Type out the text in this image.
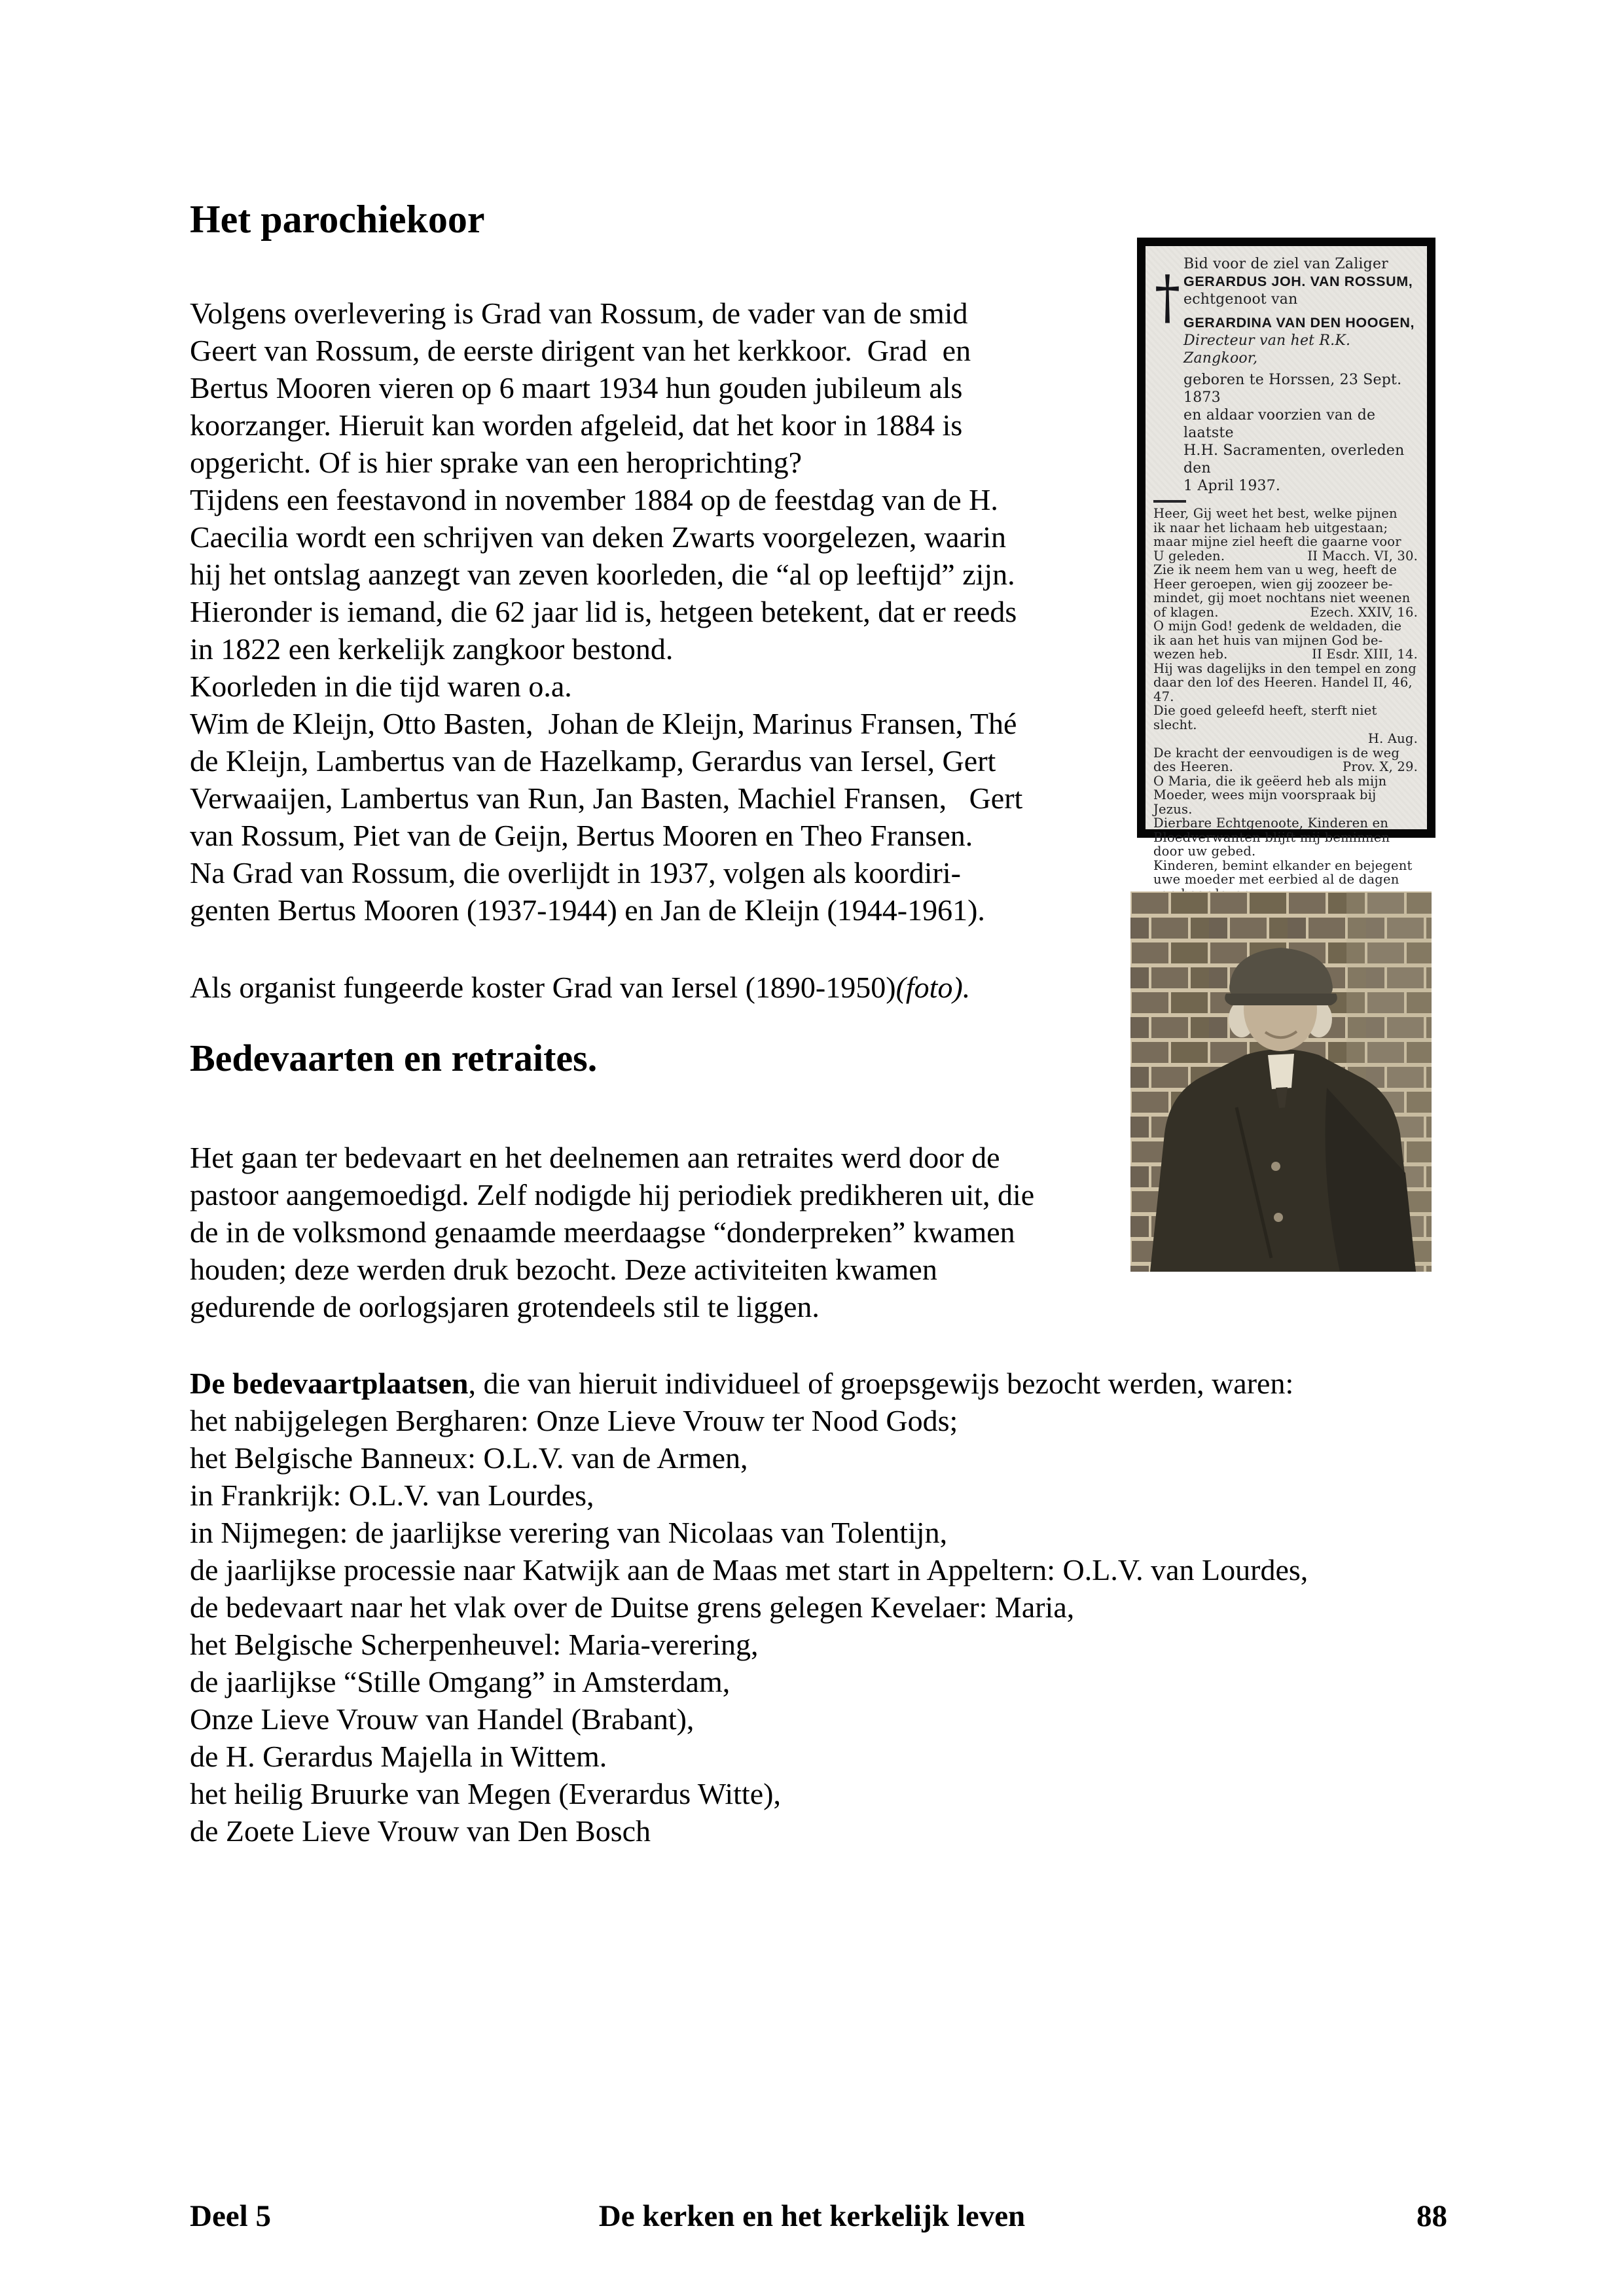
Het parochiekoor
Volgens overlevering is Grad van Rossum, de vader van de smid
Geert van Rossum, de eerste dirigent van het kerkkoor.  Grad  en
Bertus Mooren vieren op 6 maart 1934 hun gouden jubileum als
koorzanger. Hieruit kan worden afgeleid, dat het koor in 1884 is
opgericht. Of is hier sprake van een heroprichting?
Tijdens een feestavond in november 1884 op de feestdag van de H.
Caecilia wordt een schrijven van deken Zwarts voorgelezen, waarin
hij het ontslag aanzegt van zeven koorleden, die “al op leeftijd” zijn.
Hieronder is iemand, die 62 jaar lid is, hetgeen betekent, dat er reeds
in 1822 een kerkelijk zangkoor bestond.
Koorleden in die tijd waren o.a.
Wim de Kleijn, Otto Basten,  Johan de Kleijn, Marinus Fransen, Thé
de Kleijn, Lambertus van de Hazelkamp, Gerardus van Iersel, Gert
Verwaaijen, Lambertus van Run, Jan Basten, Machiel Fransen,   Gert
van Rossum, Piet van de Geijn, Bertus Mooren en Theo Fransen.
Na Grad van Rossum, die overlijdt in 1937, volgen als koordiri-
genten Bertus Mooren (1937-1944) en Jan de Kleijn (1944-1961).
Als organist fungeerde koster Grad van Iersel (1890-1950)(foto).
Bedevaarten en retraites.
Het gaan ter bedevaart en het deelnemen aan retraites werd door de
pastoor aangemoedigd. Zelf nodigde hij periodiek predikheren uit, die
de in de volksmond genaamde meerdaagse “donderpreken” kwamen
houden; deze werden druk bezocht. Deze activiteiten kwamen
gedurende de oorlogsjaren grotendeels stil te liggen.
De bedevaartplaatsen, die van hieruit individueel of groepsgewijs bezocht werden, waren:
het nabijgelegen Bergharen: Onze Lieve Vrouw ter Nood Gods;
het Belgische Banneux: O.L.V. van de Armen,
in Frankrijk: O.L.V. van Lourdes,
in Nijmegen: de jaarlijkse verering van Nicolaas van Tolentijn,
de jaarlijkse processie naar Katwijk aan de Maas met start in Appeltern: O.L.V. van Lourdes,
de bedevaart naar het vlak over de Duitse grens gelegen Kevelaer: Maria,
het Belgische Scherpenheuvel: Maria-verering,
de jaarlijkse “Stille Omgang” in Amsterdam,
Onze Lieve Vrouw van Handel (Brabant),
de H. Gerardus Majella in Wittem.
het heilig Bruurke van Megen (Everardus Witte),
de Zoete Lieve Vrouw van Den Bosch
† Bid voor de ziel van Zaliger
GERARDUS JOH. VAN ROSSUM,
echtgenoot van
GERARDINA VAN DEN HOOGEN,
Directeur van het R.K. Zangkoor,
geboren te Horssen, 23 Sept. 1873
en aldaar voorzien van de laatste
H.H. Sacramenten, overleden den
1 April 1937.
Heer, Gij weet het best, welke pijnen
ik naar het lichaam heb uitgestaan;
maar mijne ziel heeft die gaarne voor
U geleden.	II Macch. VI, 30.
Zie ik neem hem van u weg, heeft de
Heer geroepen, wien gij zoozeer be-
mindet, gij moet nochtans niet weenen
of klagen.	Ezech. XXIV, 16.
O mijn God! gedenk de weldaden, die
ik aan het huis van mijnen God be-
wezen heb.	II Esdr. XIII, 14.
Hij was dagelijks in den tempel en zong
daar den lof des Heeren. Handel II, 46, 47.
Die goed geleefd heeft, sterft niet slecht.
H. Aug.
De kracht der eenvoudigen is de weg
des Heeren.	Prov. X, 29.
O Maria, die ik geëerd heb als mijn
Moeder, wees mijn voorspraak bij Jezus.
Dierbare Echtgenoote, Kinderen en
Bloedverwanten blijft mij beminnen
door uw gebed.
Kinderen, bemint elkander en bejegent
uwe moeder met eerbied al de dagen
Deel 5	De kerken en het kerkelijk leven	88
